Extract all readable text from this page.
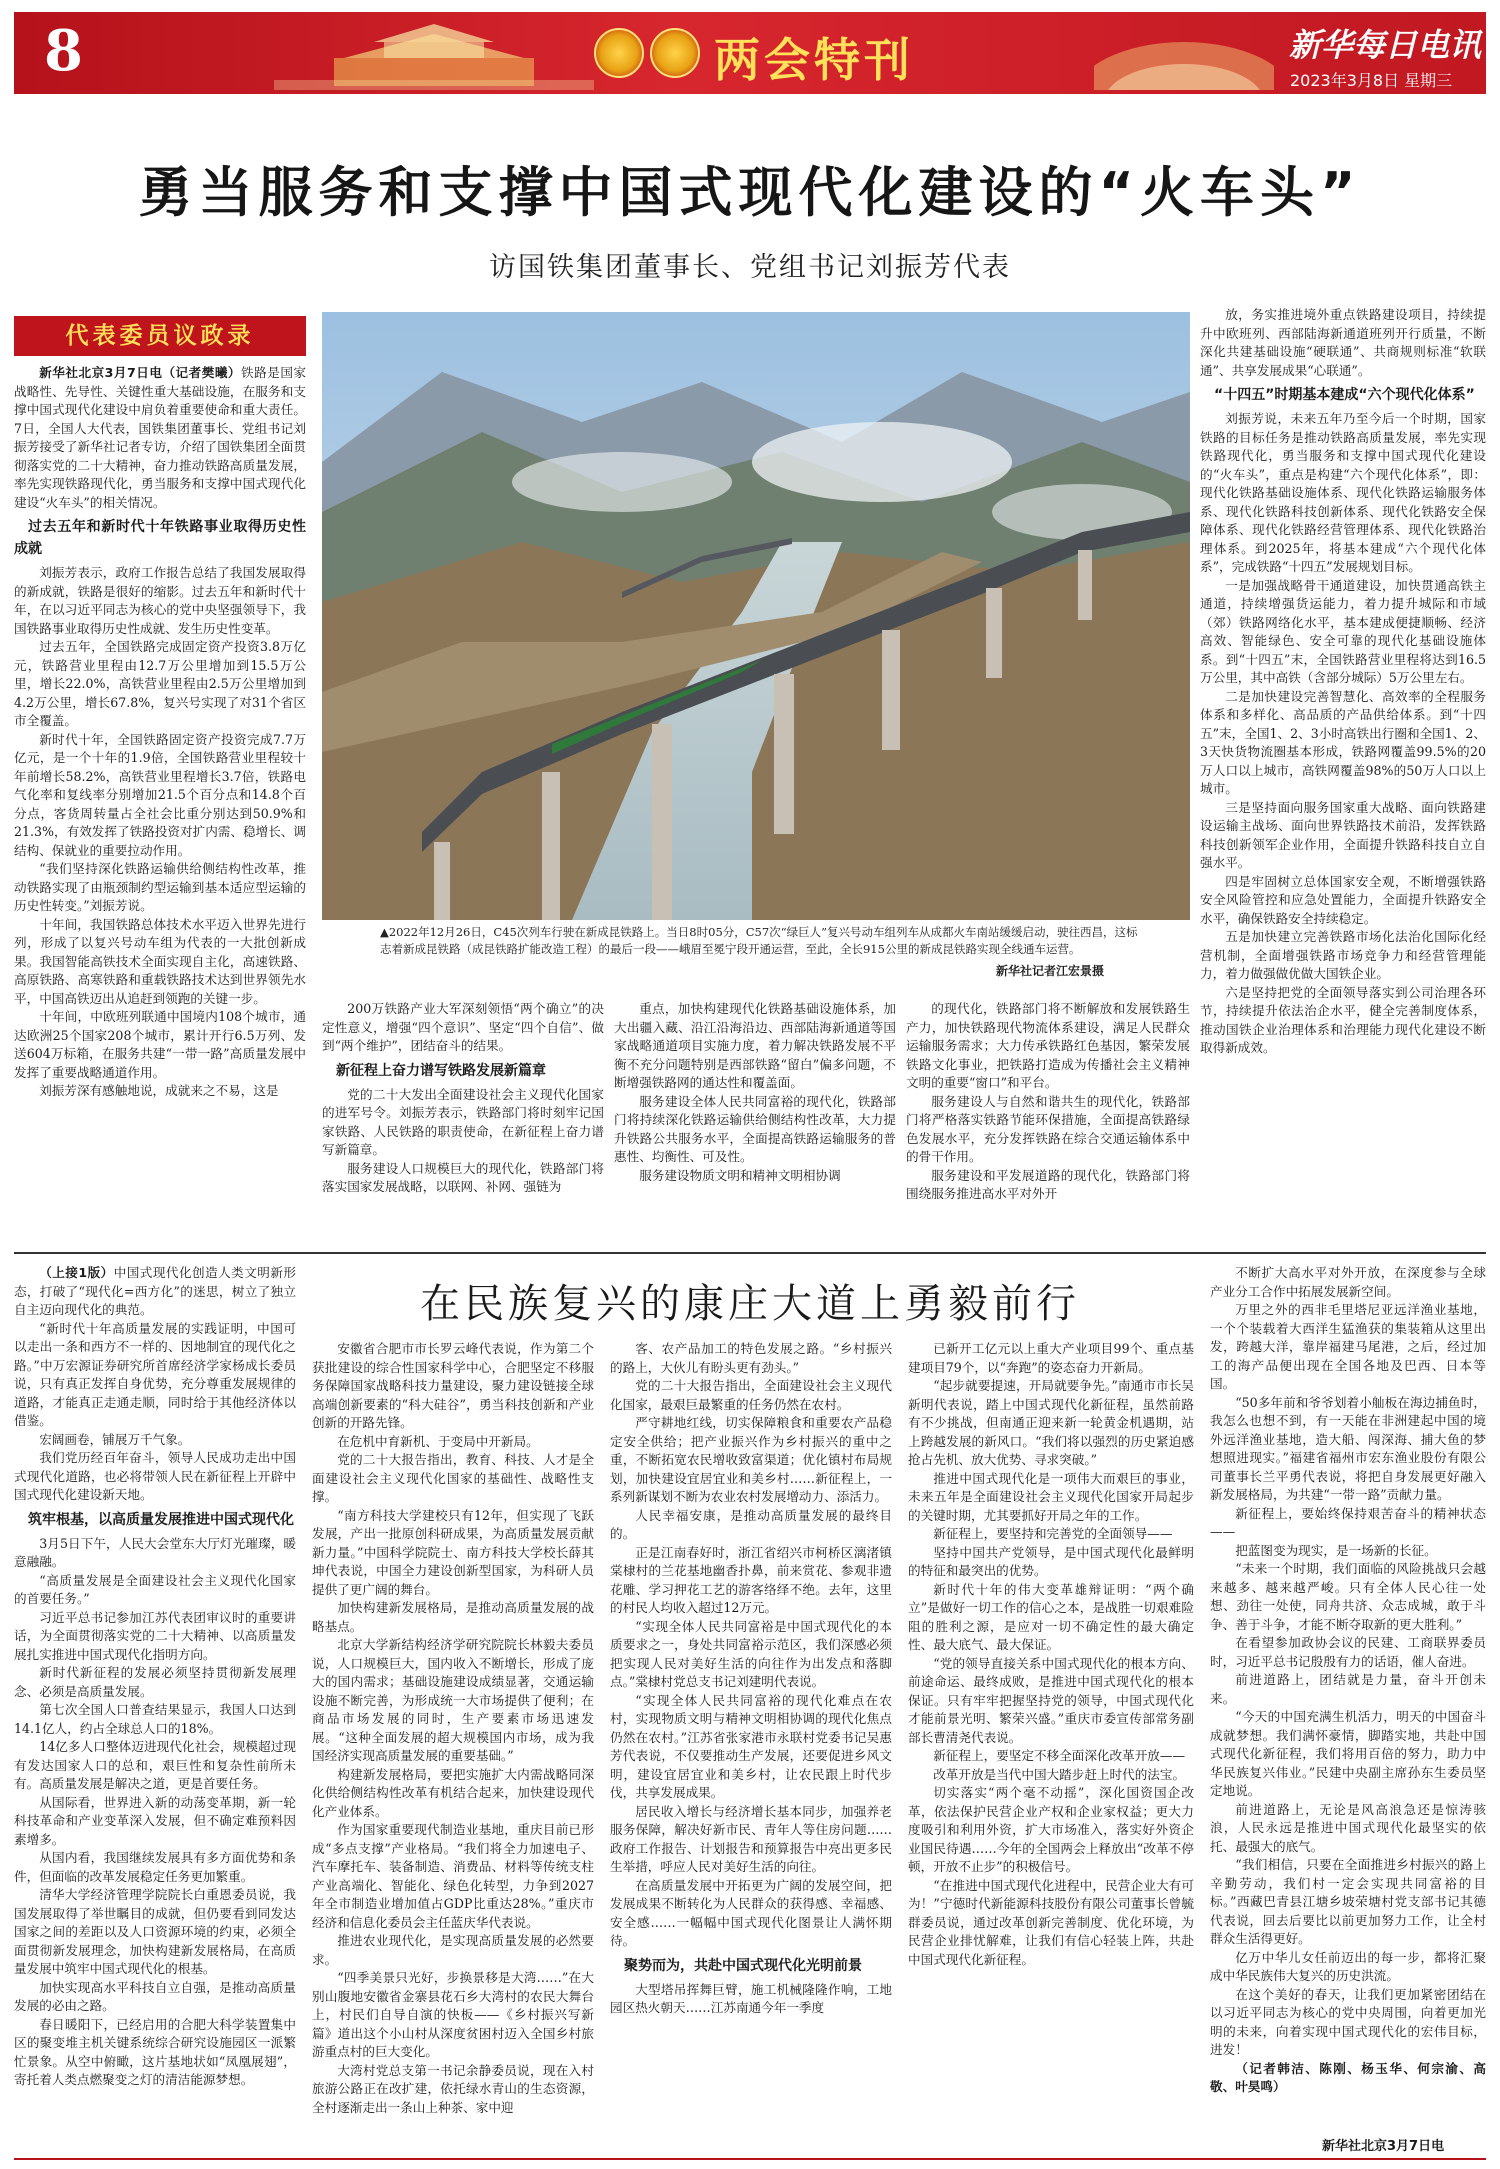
8	两会特刊	新华每日电讯
2023年3月8日 星期三
勇当服务和支撑中国式现代化建设的“火车头”
访国铁集团董事长、党组书记刘振芳代表
代表委员议政录

新华社北京3月7日电（记者樊曦）铁路是国家战略性、先导性、关键性重大基础设施，在服务和支撑中国式现代化建设中肩负着重要使命和重大责任。7日，全国人大代表，国铁集团董事长、党组书记刘振芳接受了新华社记者专访，介绍了国铁集团全面贯彻落实党的二十大精神，奋力推动铁路高质量发展，率先实现铁路现代化，勇当服务和支撑中国式现代化建设“火车头”的相关情况。

过去五年和新时代十年铁路事业取得历史性成就

刘振芳表示，政府工作报告总结了我国发展取得的新成就，铁路是很好的缩影。过去五年和新时代十年，在以习近平同志为核心的党中央坚强领导下，我国铁路事业取得历史性成就、发生历史性变革。

过去五年，全国铁路完成固定资产投资3.8万亿元，铁路营业里程由12.7万公里增加到15.5万公里，增长22.0%，高铁营业里程由2.5万公里增加到4.2万公里，增长67.8%，复兴号实现了对31个省区市全覆盖。

新时代十年，全国铁路固定资产投资完成7.7万亿元，是一个十年的1.9倍，全国铁路营业里程较十年前增长58.2%，高铁营业里程增长3.7倍，铁路电气化率和复线率分别增加21.5个百分点和14.8个百分点，客货周转量占全社会比重分别达到50.9%和21.3%，有效发挥了铁路投资对扩内需、稳增长、调结构、保就业的重要拉动作用。

“我们坚持深化铁路运输供给侧结构性改革，推动铁路实现了由瓶颈制约型运输到基本适应型运输的历史性转变。”刘振芳说。

十年间，我国铁路总体技术水平迈入世界先进行列，形成了以复兴号动车组为代表的一大批创新成果。我国智能高铁技术全面实现自主化，高速铁路、高原铁路、高寒铁路和重载铁路技术达到世界领先水平，中国高铁迈出从追赶到领跑的关键一步。

十年间，中欧班列联通中国境内108个城市，通达欧洲25个国家208个城市，累计开行6.5万列、发送604万标箱，在服务共建“一带一路”高质量发展中发挥了重要战略通道作用。

刘振芳深有感触地说，成就来之不易，这是

▲2022年12月26日，C45次列车行驶在新成昆铁路上。当日8时05分，C57次“绿巨人”复兴号动车组列车从成都火车南站缓缓启动，驶往西昌，这标志着新成昆铁路（成昆铁路扩能改造工程）的最后一段——峨眉至冕宁段开通运营，至此，全长915公里的新成昆铁路实现全线通车运营。
新华社记者江宏景摄

200万铁路产业大军深刻领悟“两个确立”的决定性意义，增强“四个意识”、坚定“四个自信”、做到“两个维护”，团结奋斗的结果。

新征程上奋力谱写铁路发展新篇章

党的二十大发出全面建设社会主义现代化国家的进军号令。刘振芳表示，铁路部门将时刻牢记国家铁路、人民铁路的职责使命，在新征程上奋力谱写新篇章。

服务建设人口规模巨大的现代化，铁路部门将落实国家发展战略，以联网、补网、强链为

重点，加快构建现代化铁路基础设施体系，加大出疆入藏、沿江沿海沿边、西部陆海新通道等国家战略通道项目实施力度，着力解决铁路发展不平衡不充分问题特别是西部铁路“留白”偏多问题，不断增强铁路网的通达性和覆盖面。

服务建设全体人民共同富裕的现代化，铁路部门将持续深化铁路运输供给侧结构性改革，大力提升铁路公共服务水平，全面提高铁路运输服务的普惠性、均衡性、可及性。

服务建设物质文明和精神文明相协调

的现代化，铁路部门将不断解放和发展铁路生产力，加快铁路现代物流体系建设，满足人民群众运输服务需求；大力传承铁路红色基因，繁荣发展铁路文化事业，把铁路打造成为传播社会主义精神文明的重要“窗口”和平台。

服务建设人与自然和谐共生的现代化，铁路部门将严格落实铁路节能环保措施，全面提高铁路绿色发展水平，充分发挥铁路在综合交通运输体系中的骨干作用。

服务建设和平发展道路的现代化，铁路部门将围绕服务推进高水平对外开

放，务实推进境外重点铁路建设项目，持续提升中欧班列、西部陆海新通道班列开行质量，不断深化共建基础设施“硬联通”、共商规则标准“软联通”、共享发展成果“心联通”。

“十四五”时期基本建成“六个现代化体系”

刘振芳说，未来五年乃至今后一个时期，国家铁路的目标任务是推动铁路高质量发展，率先实现铁路现代化，勇当服务和支撑中国式现代化建设的“火车头”，重点是构建“六个现代化体系”，即：现代化铁路基础设施体系、现代化铁路运输服务体系、现代化铁路科技创新体系、现代化铁路安全保障体系、现代化铁路经营管理体系、现代化铁路治理体系。到2025年，将基本建成“六个现代化体系”，完成铁路“十四五”发展规划目标。

一是加强战略骨干通道建设，加快贯通高铁主通道，持续增强货运能力，着力提升城际和市域（郊）铁路网络化水平，基本建成便捷顺畅、经济高效、智能绿色、安全可靠的现代化基础设施体系。到“十四五”末，全国铁路营业里程将达到16.5万公里，其中高铁（含部分城际）5万公里左右。

二是加快建设完善智慧化、高效率的全程服务体系和多样化、高品质的产品供给体系。到“十四五”末，全国1、2、3小时高铁出行圈和全国1、2、3天快货物流圈基本形成，铁路网覆盖99.5%的20万人口以上城市，高铁网覆盖98%的50万人口以上城市。

三是坚持面向服务国家重大战略、面向铁路建设运输主战场、面向世界铁路技术前沿，发挥铁路科技创新领军企业作用，全面提升铁路科技自立自强水平。

四是牢固树立总体国家安全观，不断增强铁路安全风险管控和应急处置能力，全面提升铁路安全水平，确保铁路安全持续稳定。

五是加快建立完善铁路市场化法治化国际化经营机制，全面增强铁路市场竞争力和经营管理能力，着力做强做优做大国铁企业。

六是坚持把党的全面领导落实到公司治理各环节，持续提升依法治企水平，健全完善制度体系，推动国铁企业治理体系和治理能力现代化建设不断取得新成效。

在民族复兴的康庄大道上勇毅前行

（上接1版）中国式现代化创造人类文明新形态，打破了“现代化=西方化”的迷思，树立了独立自主迈向现代化的典范。

“新时代十年高质量发展的实践证明，中国可以走出一条和西方不一样的、因地制宜的现代化之路。”中万宏源证券研究所首席经济学家杨成长委员说，只有真正发挥自身优势，充分尊重发展规律的道路，才能真正走通走顺，同时给于其他经济体以借鉴。

宏阔画卷，铺展万千气象。

我们党历经百年奋斗，领导人民成功走出中国式现代化道路，也必将带领人民在新征程上开辟中国式现代化建设新天地。

筑牢根基，以高质量发展推进中国式现代化

3月5日下午，人民大会堂东大厅灯光璀璨，暖意融融。

“高质量发展是全面建设社会主义现代化国家的首要任务。”

习近平总书记参加江苏代表团审议时的重要讲话，为全面贯彻落实党的二十大精神、以高质量发展扎实推进中国式现代化指明方向。

新时代新征程的发展必须坚持贯彻新发展理念、必须是高质量发展。

第七次全国人口普查结果显示，我国人口达到14.1亿人，约占全球总人口的18%。

14亿多人口整体迈进现代化社会，规模超过现有发达国家人口的总和，艰巨性和复杂性前所未有。高质量发展是解决之道，更是首要任务。

从国际看，世界进入新的动荡变革期，新一轮科技革命和产业变革深入发展，但不确定难预料因素增多。

从国内看，我国继续发展具有多方面优势和条件，但面临的改革发展稳定任务更加繁重。

清华大学经济管理学院院长白重恩委员说，我国发展取得了举世瞩目的成就，但仍要看到同发达国家之间的差距以及人口资源环境的约束，必须全面贯彻新发展理念，加快构建新发展格局，在高质量发展中筑牢中国式现代化的根基。

加快实现高水平科技自立自强，是推动高质量发展的必由之路。

春日暖阳下，已经启用的合肥大科学装置集中区的聚变堆主机关键系统综合研究设施园区一派繁忙景象。从空中俯瞰，这片基地状如“凤凰展翅”，寄托着人类点燃聚变之灯的清洁能源梦想。

安徽省合肥市市长罗云峰代表说，作为第二个获批建设的综合性国家科学中心，合肥坚定不移服务保障国家战略科技力量建设，聚力建设链接全球高端创新要素的“科大硅谷”，勇当科技创新和产业创新的开路先锋。

在危机中育新机、于变局中开新局。

党的二十大报告指出，教育、科技、人才是全面建设社会主义现代化国家的基础性、战略性支撑。

“南方科技大学建校只有12年，但实现了飞跃发展，产出一批原创科研成果，为高质量发展贡献新力量。”中国科学院院士、南方科技大学校长薛其坤代表说，中国全力建设创新型国家，为科研人员提供了更广阔的舞台。

加快构建新发展格局，是推动高质量发展的战略基点。

北京大学新结构经济学研究院院长林毅夫委员说，人口规模巨大，国内收入不断增长，形成了庞大的国内需求；基础设施建设成绩显著，交通运输设施不断完善，为形成统一大市场提供了便利；在商品市场发展的同时，生产要素市场迅速发展。“这种全面发展的超大规模国内市场，成为我国经济实现高质量发展的重要基础。”

构建新发展格局，要把实施扩大内需战略同深化供给侧结构性改革有机结合起来，加快建设现代化产业体系。

作为国家重要现代制造业基地，重庆目前已形成“多点支撑”产业格局。“我们将全力加速电子、汽车摩托车、装备制造、消费品、材料等传统支柱产业高端化、智能化、绿色化转型，力争到2027年全市制造业增加值占GDP比重达28%。”重庆市经济和信息化委员会主任蓝庆华代表说。

推进农业现代化，是实现高质量发展的必然要求。

“四季美景只光好，步换景移是大湾……”在大别山腹地安徽省金寨县花石乡大湾村的农民大舞台上，村民们自导自演的快板——《乡村振兴写新篇》道出这个小山村从深度贫困村迈入全国乡村旅游重点村的巨大变化。

大湾村党总支第一书记余静委员说，现在入村旅游公路正在改扩建，依托绿水青山的生态资源，全村逐渐走出一条山上种茶、家中迎

客、农产品加工的特色发展之路。“乡村振兴的路上，大伙儿有盼头更有劲头。”

党的二十大报告指出，全面建设社会主义现代化国家，最艰巨最繁重的任务仍然在农村。

严守耕地红线，切实保障粮食和重要农产品稳定安全供给；把产业振兴作为乡村振兴的重中之重，不断拓宽农民增收致富渠道；优化镇村布局规划，加快建设宜居宜业和美乡村……新征程上，一系列新谋划不断为农业农村发展增动力、添活力。

人民幸福安康，是推动高质量发展的最终目的。

正是江南春好时，浙江省绍兴市柯桥区漓渚镇棠棣村的兰花基地幽香扑鼻，前来赏花、参观非遗花雕、学习押花工艺的游客络绎不绝。去年，这里的村民人均收入超过12万元。

“实现全体人民共同富裕是中国式现代化的本质要求之一，身处共同富裕示范区，我们深感必须把实现人民对美好生活的向往作为出发点和落脚点。”棠棣村党总支书记刘建明代表说。

“实现全体人民共同富裕的现代化难点在农村，实现物质文明与精神文明相协调的现代化焦点仍然在农村。”江苏省张家港市永联村党委书记吴惠芳代表说，不仅要推动生产发展，还要促进乡风文明，建设宜居宜业和美乡村，让农民跟上时代步伐，共享发展成果。

居民收入增长与经济增长基本同步，加强养老服务保障，解决好新市民、青年人等住房问题……政府工作报告、计划报告和预算报告中亮出更多民生举措，呼应人民对美好生活的向往。

在高质量发展中开拓更为广阔的发展空间，把发展成果不断转化为人民群众的获得感、幸福感、安全感……一幅幅中国式现代化图景让人满怀期待。

聚势而为，共赴中国式现代化光明前景

大型塔吊挥舞巨臂，施工机械隆隆作响，工地园区热火朝天……江苏南通今年一季度

已新开工亿元以上重大产业项目99个、重点基建项目79个，以“奔跑”的姿态奋力开新局。

“起步就要提速，开局就要争先。”南通市市长吴新明代表说，踏上中国式现代化新征程，虽然前路有不少挑战，但南通正迎来新一轮黄金机遇期，站上跨越发展的新风口。“我们将以强烈的历史紧迫感抢占先机、放大优势、寻求突破。”

推进中国式现代化是一项伟大而艰巨的事业，未来五年是全面建设社会主义现代化国家开局起步的关键时期，尤其要抓好开局之年的工作。

新征程上，要坚持和完善党的全面领导——

坚持中国共产党领导，是中国式现代化最鲜明的特征和最突出的优势。

新时代十年的伟大变革雄辩证明：“两个确立”是做好一切工作的信心之本，是战胜一切艰难险阻的胜利之源，是应对一切不确定性的最大确定性、最大底气、最大保证。

“党的领导直接关系中国式现代化的根本方向、前途命运、最终成败，是推进中国式现代化的根本保证。只有牢牢把握坚持党的领导，中国式现代化才能前景光明、繁荣兴盛。”重庆市委宣传部常务副部长曹清尧代表说。

新征程上，要坚定不移全面深化改革开放——

改革开放是当代中国大踏步赶上时代的法宝。

切实落实“两个毫不动摇”，深化国资国企改革，依法保护民营企业产权和企业家权益；更大力度吸引和利用外资，扩大市场准入，落实好外资企业国民待遇……今年的全国两会上释放出“改革不停顿，开放不止步”的积极信号。

“在推进中国式现代化进程中，民营企业大有可为！”宁德时代新能源科技股份有限公司董事长曾毓群委员说，通过改革创新完善制度、优化环境，为民营企业排忧解难，让我们有信心轻装上阵，共赴中国式现代化新征程。

不断扩大高水平对外开放，在深度参与全球产业分工合作中拓展发展新空间。

万里之外的西非毛里塔尼亚远洋渔业基地，一个个装载着大西洋生猛渔获的集装箱从这里出发，跨越大洋，靠岸福建马尾港，之后，经过加工的海产品便出现在全国各地及巴西、日本等国。

“50多年前和爷爷划着小舢板在海边捕鱼时，我怎么也想不到，有一天能在非洲建起中国的境外远洋渔业基地，造大船、闯深海、捕大鱼的梦想照进现实。”福建省福州市宏东渔业股份有限公司董事长兰平勇代表说，将把自身发展更好融入新发展格局，为共建“一带一路”贡献力量。

新征程上，要始终保持艰苦奋斗的精神状态——

把蓝图变为现实，是一场新的长征。

“未来一个时期，我们面临的风险挑战只会越来越多、越来越严峻。只有全体人民心往一处想、劲往一处使，同舟共济、众志成城，敢于斗争、善于斗争，才能不断夺取新的更大胜利。”

在看望参加政协会议的民建、工商联界委员时，习近平总书记殷殷有力的话语，催人奋进。

前进道路上，团结就是力量，奋斗开创未来。

“今天的中国充满生机活力，明天的中国奋斗成就梦想。我们满怀豪情，脚踏实地，共赴中国式现代化新征程，我们将用百倍的努力，助力中华民族复兴伟业。”民建中央副主席孙东生委员坚定地说。

前进道路上，无论是风高浪急还是惊涛骇浪，人民永远是推进中国式现代化最坚实的依托、最强大的底气。

“我们相信，只要在全面推进乡村振兴的路上辛勤劳动，我们村一定会实现共同富裕的目标。”西藏巴青县江塘乡坡荣塘村党支部书记其德代表说，回去后要比以前更加努力工作，让全村群众生活得更好。

亿万中华儿女任前迈出的每一步，都将汇聚成中华民族伟大复兴的历史洪流。

在这个美好的春天，让我们更加紧密团结在以习近平同志为核心的党中央周围，向着更加光明的未来，向着实现中国式现代化的宏伟目标，进发！

（记者韩洁、陈刚、杨玉华、何宗渝、高敬、叶昊鸣）

新华社北京3月7日电
